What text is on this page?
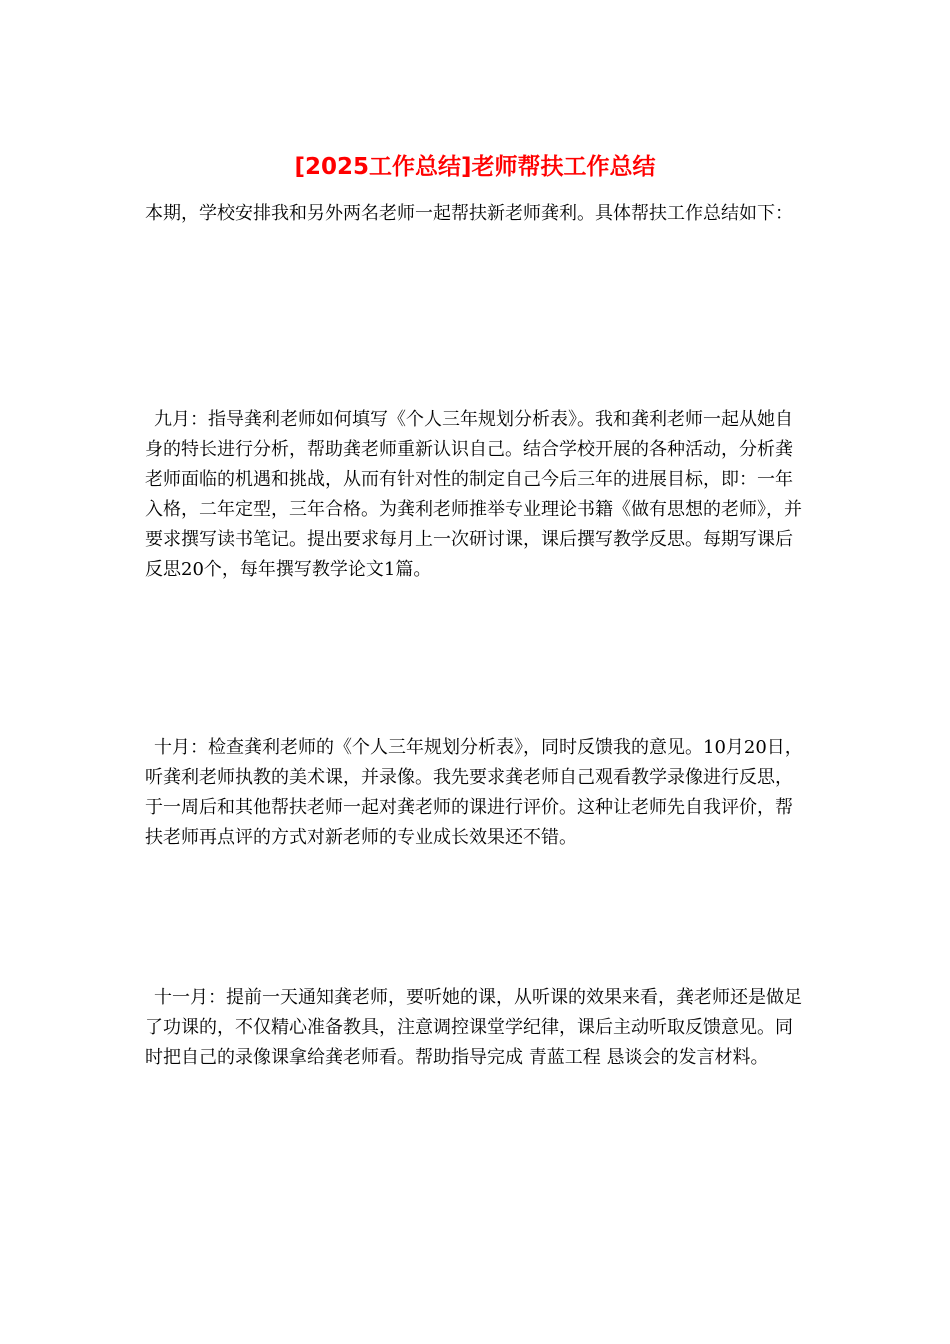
[2025工作总结]老师帮扶工作总结

本期，学校安排我和另外两名老师一起帮扶新老师龚利。具体帮扶工作总结如下：

九月：指导龚利老师如何填写《个人三年规划分析表》。我和龚利老师一起从她自身的特长进行分析，帮助龚老师重新认识自己。结合学校开展的各种活动，分析龚老师面临的机遇和挑战，从而有针对性的制定自己今后三年的进展目标，即：一年入格，二年定型，三年合格。为龚利老师推举专业理论书籍《做有思想的老师》，并要求撰写读书笔记。提出要求每月上一次研讨课，课后撰写教学反思。每期写课后反思20个，每年撰写教学论文1篇。

十月：检查龚利老师的《个人三年规划分析表》，同时反馈我的意见。10月20日，听龚利老师执教的美术课，并录像。我先要求龚老师自己观看教学录像进行反思，于一周后和其他帮扶老师一起对龚老师的课进行评价。这种让老师先自我评价，帮扶老师再点评的方式对新老师的专业成长效果还不错。

十一月：提前一天通知龚老师，要听她的课，从听课的效果来看，龚老师还是做足了功课的，不仅精心准备教具，注意调控课堂学纪律，课后主动听取反馈意见。同时把自己的录像课拿给龚老师看。帮助指导完成 青蓝工程 恳谈会的发言材料。
